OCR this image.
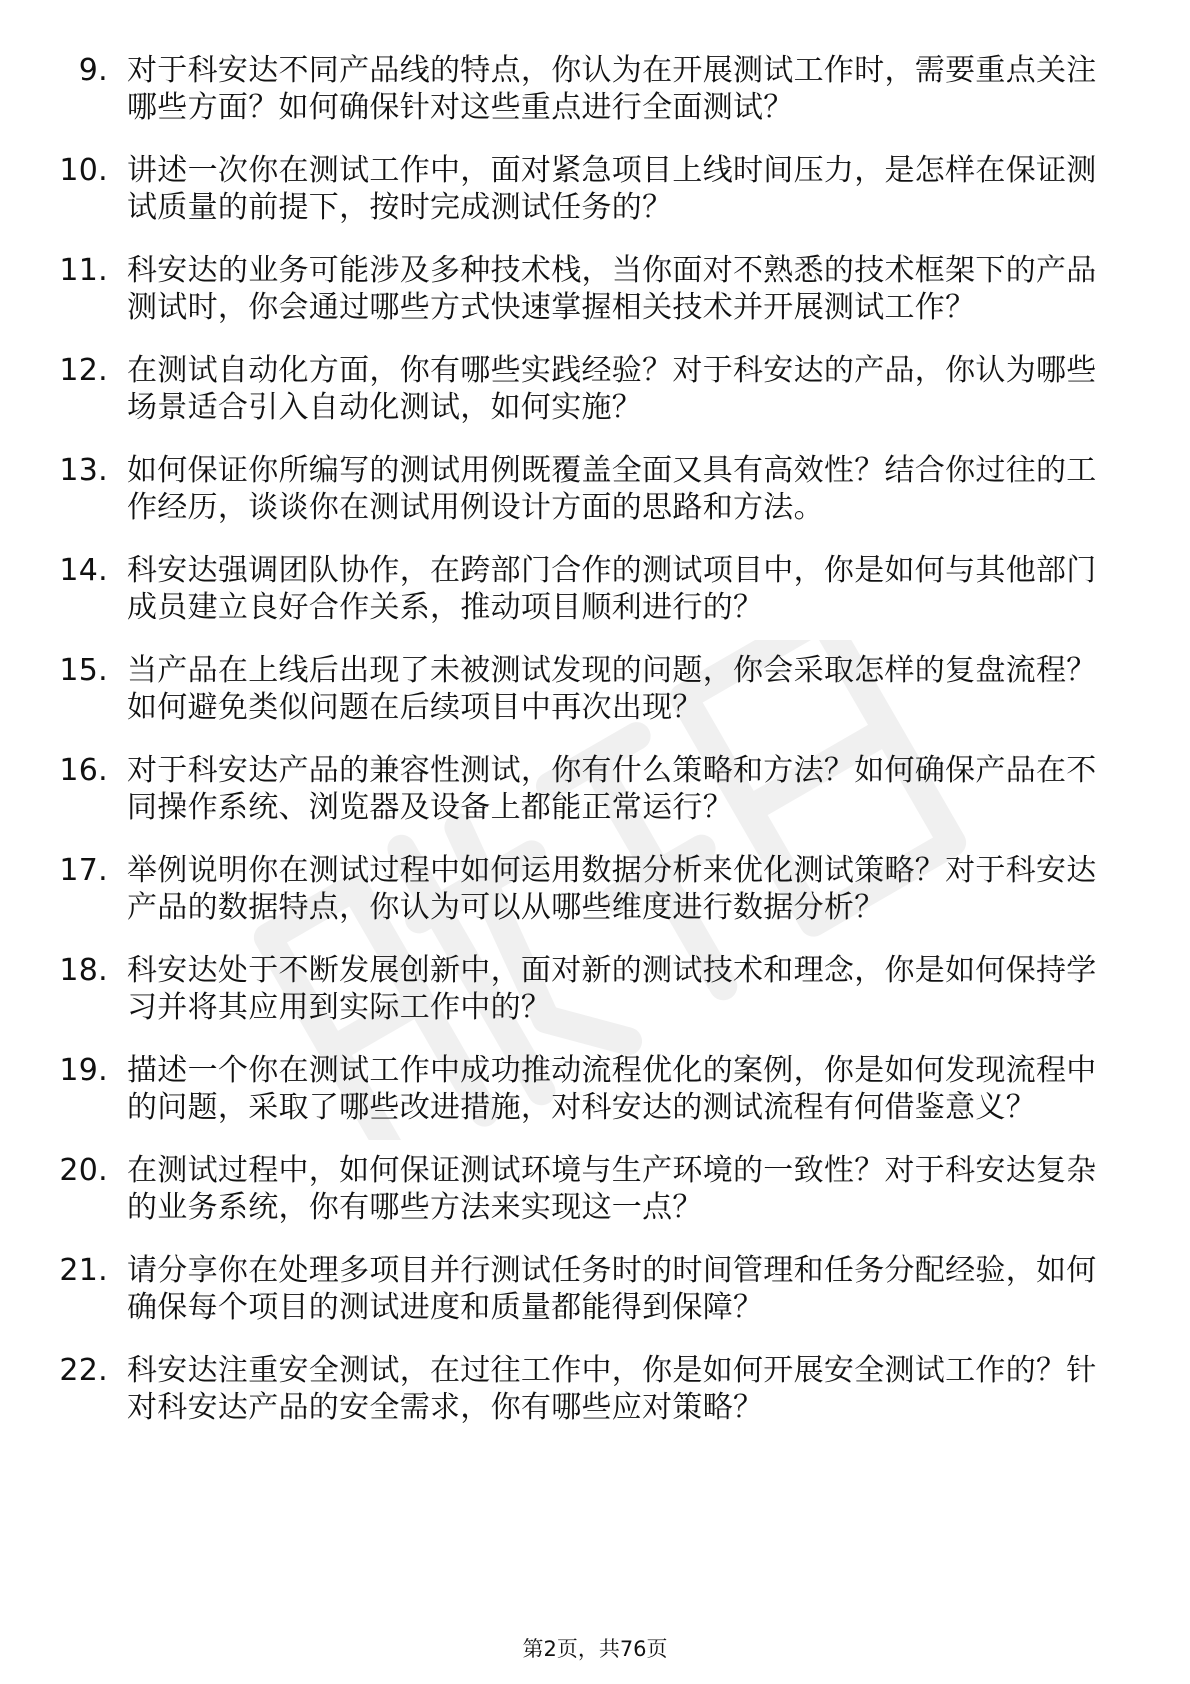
9. 对于科安达不同产品线的特点，你认为在开展测试工作时，需要重点关注哪些方面？如何确保针对这些重点进行全面测试？
10. 讲述一次你在测试工作中，面对紧急项目上线时间压力，是怎样在保证测试质量的前提下，按时完成测试任务的？
11. 科安达的业务可能涉及多种技术栈，当你面对不熟悉的技术框架下的产品测试时，你会通过哪些方式快速掌握相关技术并开展测试工作？
12. 在测试自动化方面，你有哪些实践经验？对于科安达的产品，你认为哪些场景适合引入自动化测试，如何实施？
13. 如何保证你所编写的测试用例既覆盖全面又具有高效性？结合你过往的工作经历，谈谈你在测试用例设计方面的思路和方法。
14. 科安达强调团队协作，在跨部门合作的测试项目中，你是如何与其他部门成员建立良好合作关系，推动项目顺利进行的？
15. 当产品在上线后出现了未被测试发现的问题，你会采取怎样的复盘流程？如何避免类似问题在后续项目中再次出现？
16. 对于科安达产品的兼容性测试，你有什么策略和方法？如何确保产品在不同操作系统、浏览器及设备上都能正常运行？
17. 举例说明你在测试过程中如何运用数据分析来优化测试策略？对于科安达产品的数据特点，你认为可以从哪些维度进行数据分析？
18. 科安达处于不断发展创新中，面对新的测试技术和理念，你是如何保持学习并将其应用到实际工作中的？
19. 描述一个你在测试工作中成功推动流程优化的案例，你是如何发现流程中的问题，采取了哪些改进措施，对科安达的测试流程有何借鉴意义？
20. 在测试过程中，如何保证测试环境与生产环境的一致性？对于科安达复杂的业务系统，你有哪些方法来实现这一点？
21. 请分享你在处理多项目并行测试任务时的时间管理和任务分配经验，如何确保每个项目的测试进度和质量都能得到保障？
22. 科安达注重安全测试，在过往工作中，你是如何开展安全测试工作的？针对科安达产品的安全需求，你有哪些应对策略？
第2页，共76页
